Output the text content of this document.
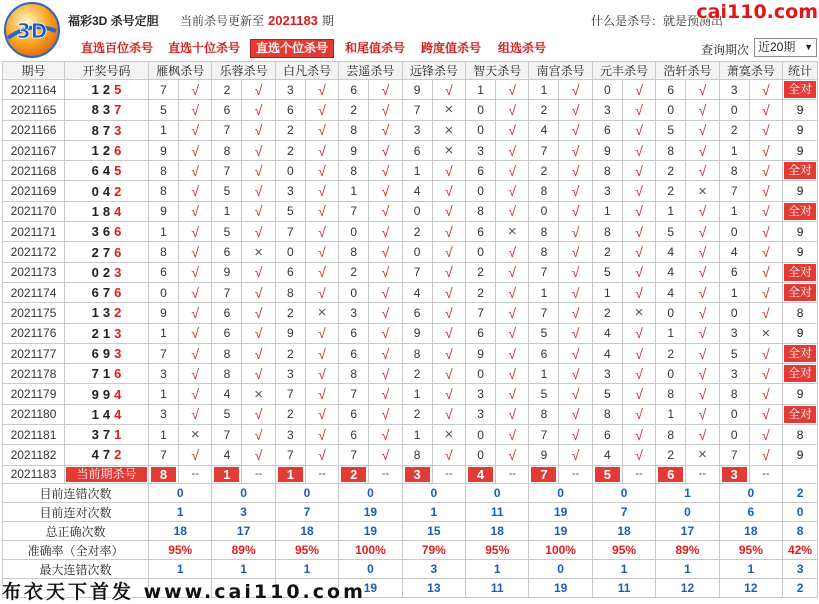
3D 福彩3D 杀号定胆 当前杀号更新至 2021183 期	什么是杀号：就是预测出
cai110.com
直选百位杀号	直选十位杀号	直选个位杀号	和尾值杀号	跨度值杀号	组选杀号	查询期次 近20期 ▼
期号	开奖号码	雁枫杀号		乐蓉杀号		白凡杀号		芸遥杀号		远锋杀号		智天杀号		南宫杀号		元丰杀号		浩轩杀号		萧寞杀号		统计
2021164	1 2 5	7	√	2	√	3	√	6	√	9	√	1	√	1	√	0	√	6	√	3	√	全对

2021165	8 3 7	5	√	6	√	6	√	2	√	7	×	0	√	2	√	3	√	0	√	0	√	9
2021166	8 7 3	1	√	7	√	2	√	8	√	3	×	0	√	4	√	6	√	5	√	2	√	9
2021167	1 2 6	9	√	8	√	2	√	9	√	6	×	3	√	7	√	9	√	8	√	1	√	9
2021168	6 4 5	8	√	7	√	0	√	8	√	1	√	6	√	2	√	8	√	2	√	8	√	全对

2021169	0 4 2	8	√	5	√	3	√	1	√	4	√	0	√	8	√	3	√	2	×	7	√	9
2021170	1 8 4	9	√	1	√	5	√	7	√	0	√	8	√	0	√	1	√	1	√	1	√	全对

2021171	3 6 6	1	√	5	√	7	√	0	√	2	√	6	×	8	√	8	√	5	√	0	√	9
2021172	2 7 6	8	√	6	×	0	√	8	√	0	√	0	√	8	√	2	√	4	√	4	√	9
2021173	0 2 3	6	√	9	√	6	√	2	√	7	√	2	√	7	√	5	√	4	√	6	√	全对

2021174	6 7 6	0	√	7	√	8	√	0	√	4	√	2	√	1	√	1	√	4	√	1	√	全对

2021175	1 3 2	9	√	6	√	2	×	3	√	6	√	7	√	7	√	2	×	0	√	0	√	8
2021176	2 1 3	1	√	6	√	9	√	6	√	9	√	6	√	5	√	4	√	1	√	3	×	9
2021177	6 9 3	7	√	8	√	2	√	6	√	8	√	9	√	6	√	4	√	2	√	5	√	全对

2021178	7 1 6	3	√	8	√	3	√	8	√	2	√	0	√	1	√	3	√	0	√	3	√	全对

2021179	9 9 4	1	√	4	×	7	√	7	√	1	√	3	√	5	√	5	√	8	√	8	√	9
2021180	1 4 4	3	√	5	√	2	√	6	√	2	√	3	√	8	√	8	√	1	√	0	√	全对

2021181	3 7 1	1	×	7	√	3	√	6	√	1	×	0	√	7	√	6	√	8	√	0	√	8
2021182	4 7 2	7	√	4	√	7	√	7	√	8	√	0	√	9	√	4	√	2	×	7	√	9
2021183	当前期杀号	8	--	1	--	1	--	2	--	3	--	4	--	7	--	5	--	6	--	3	--	
目前连错次数		0		0		0		0		0		0		0		0		1		0		2
目前连对次数		1		3		7		19		1		11		19		7		0		6		0
总正确次数		18		17		18		19		15		18		19		18		17		18		8
准确率（全对率）		95%		89%		95%		100%		79%		95%		100%		95%		89%		95%		42%
最大连错次数		1		1		1		0		3		1		0		1		1		1		3
								19		13		11		19		11		12		12		2
布衣天下首发 www.cai110.com
